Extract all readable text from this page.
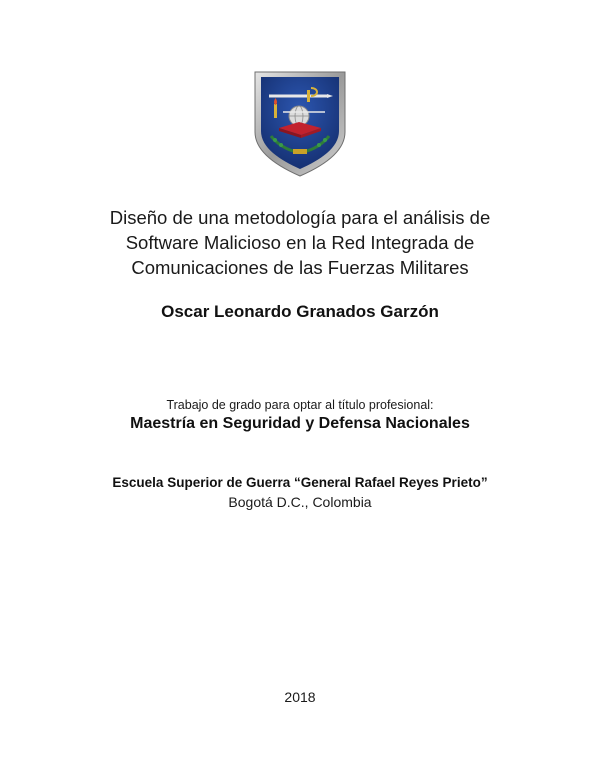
Diseño de una metodología para el análisis de
Software Malicioso en la Red Integrada de
Comunicaciones de las Fuerzas Militares
Oscar Leonardo Granados Garzón
Trabajo de grado para optar al título profesional:
Maestría en Seguridad y Defensa Nacionales
Escuela Superior de Guerra “General Rafael Reyes Prieto”
Bogotá D.C., Colombia
2018
